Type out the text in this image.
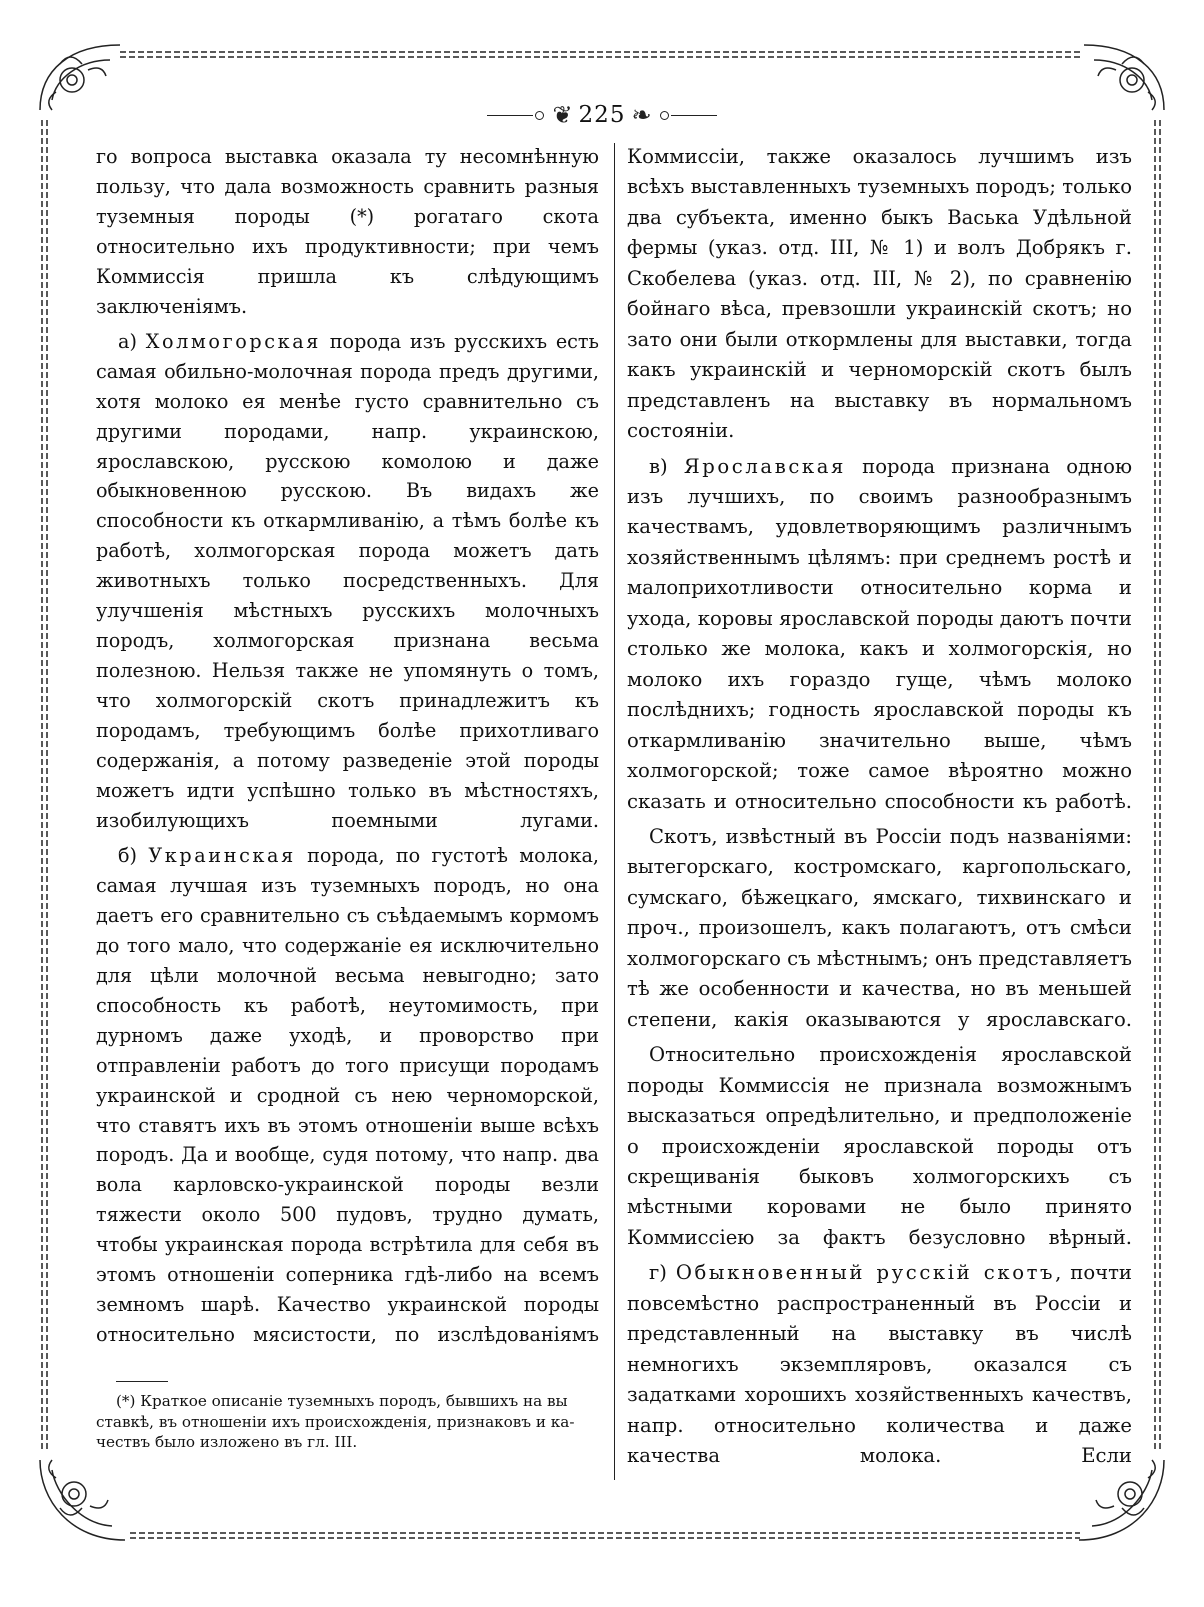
❦ 225 ❧

го вопроса выставка оказала ту несомнѣнную пользу, что дала возможность сравнить разныя туземныя породы (*) рогатаго скота относительно ихъ продуктивности; при чемъ Коммиссія пришла къ слѣдующимъ заключеніямъ.

а) Холмогорская порода изъ русскихъ есть самая обильно-молочная порода предъ другими, хотя молоко ея менѣе густо сравнительно съ другими породами, напр. украинскою, ярославскою, русскою комолою и даже обыкновенною русскою. Въ видахъ же способности къ откармливанію, а тѣмъ болѣе къ работѣ, холмогорская порода можетъ дать животныхъ только посредственныхъ. Для улучшенія мѣстныхъ русскихъ молочныхъ породъ, холмогорская признана весьма полезною. Нельзя также не упомянуть о томъ, что холмогорскій скотъ принадлежитъ къ породамъ, требующимъ болѣе прихотливаго содержанія, а потому разведеніе этой породы можетъ идти успѣшно только въ мѣстностяхъ, изобилующихъ поемными лугами.

б) Украинская порода, по густотѣ молока, самая лучшая изъ туземныхъ породъ, но она даетъ его сравнительно съ съѣдаемымъ кормомъ до того мало, что содержаніе ея исключительно для цѣли молочной весьма невыгодно; зато способность къ работѣ, неутомимость, при дурномъ даже уходѣ, и проворство при отправленіи работъ до того присущи породамъ украинской и сродной съ нею черноморской, что ставятъ ихъ въ этомъ отношеніи выше всѣхъ породъ. Да и вообще, судя потому, что напр. два вола карловско-украинской породы везли тяжести около 500 пудовъ, трудно думать, чтобы украинская порода встрѣтила для себя въ этомъ отношеніи соперника гдѣ-либо на всемъ земномъ шарѣ. Качество украинской породы относительно мясистости, по изслѣдованіямъ

Коммиссіи, также оказалось лучшимъ изъ всѣхъ выставленныхъ туземныхъ породъ; только два субъекта, именно быкъ Васька Удѣльной фермы (указ. отд. III, № 1) и волъ Добрякъ г. Скобелева (указ. отд. III, № 2), по сравненію бойнаго вѣса, превзошли украинскій скотъ; но зато они были откормлены для выставки, тогда какъ украинскій и черноморскій скотъ былъ представленъ на выставку въ нормальномъ состояніи.

в) Ярославская порода признана одною изъ лучшихъ, по своимъ разнообразнымъ качествамъ, удовлетворяющимъ различнымъ хозяйственнымъ цѣлямъ: при среднемъ ростѣ и малоприхотливости относительно корма и ухода, коровы ярославской породы даютъ почти столько же молока, какъ и холмогорскія, но молоко ихъ гораздо гуще, чѣмъ молоко послѣднихъ; годность ярославской породы къ откармливанію значительно выше, чѣмъ холмогорской; тоже самое вѣроятно можно сказать и относительно способности къ работѣ.

Скотъ, извѣстный въ Россіи подъ названіями: вытегорскаго, костромскаго, каргопольскаго, сумскаго, бѣжецкаго, ямскаго, тихвинскаго и проч., произошелъ, какъ полагаютъ, отъ смѣси холмогорскаго съ мѣстнымъ; онъ представляетъ тѣ же особенности и качества, но въ меньшей степени, какія оказываются у ярославскаго.

Относительно происхожденія ярославской породы Коммиссія не признала возможнымъ высказаться опредѣлительно, и предположеніе о происхожденіи ярославской породы отъ скрещиванія быковъ холмогорскихъ съ мѣстными коровами не было принято Коммиссіею за фактъ безусловно вѣрный.

г) Обыкновенный русскій скотъ, почти повсемѣстно распространенный въ Россіи и представленный на выставку въ числѣ немногихъ экземпляровъ, оказался съ задатками хорошихъ хозяйственныхъ качествъ, напр. относительно количества и даже качества молока. Если

(*) Краткое описаніе туземныхъ породъ, бывшихъ на вы
ставкѣ, въ отношеніи ихъ происхожденія, признаковъ и ка-
чествъ было изложено въ гл. III.
